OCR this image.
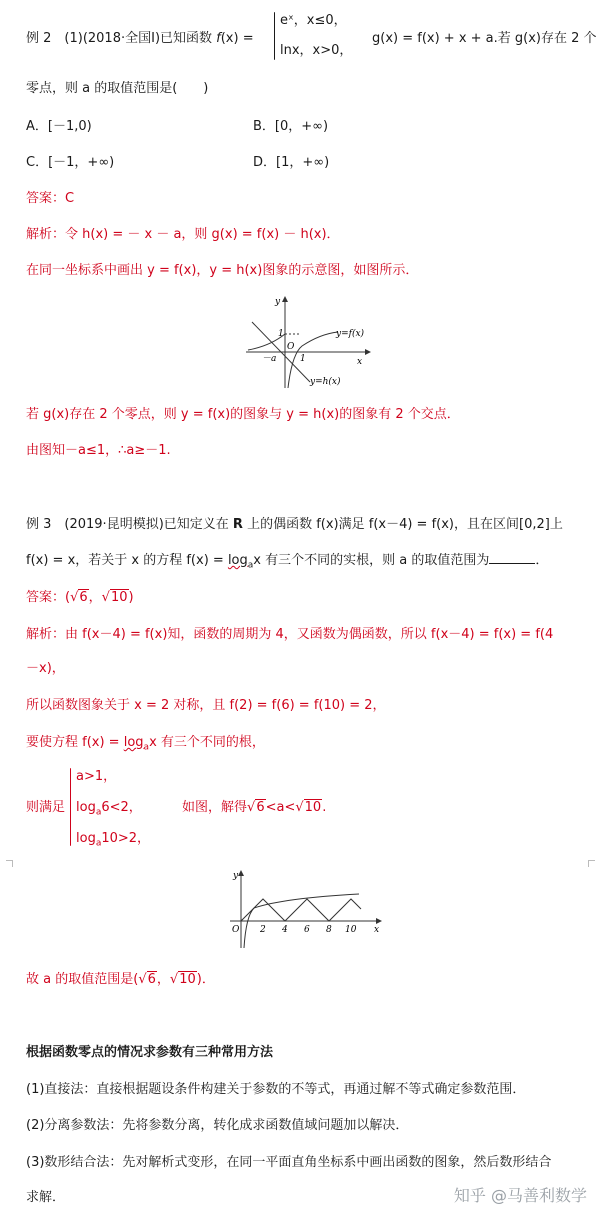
例 2　(1)(2018·全国Ⅰ)已知函数 f(x) =
eˣ，x≤0，
lnx，x>0，
g(x) = f(x) + x + a.若 g(x)存在 2 个
零点，则 a 的取值范围是(　　)
A．[－1,0)	B．[0，+∞)
C．[－1，+∞)	D．[1，+∞)
答案：C
解析：令 h(x) = － x － a，则 g(x) = f(x) － h(x)．
在同一坐标系中画出 y = f(x)，y = h(x)图象的示意图，如图所示．
y
x
O
－a	1
1	y=f(x)
y=h(x)
若 g(x)存在 2 个零点，则 y = f(x)的图象与 y = h(x)的图象有 2 个交点．
由图知－a≤1，∴a≥－1.
例 3　(2019·昆明模拟)已知定义在 R 上的偶函数 f(x)满足 f(x－4) = f(x)，且在区间[0,2]上
f(x) = x，若关于 x 的方程 $f(x) = \log_ax$ 有三个不同的实根，则 a 的取值范围为	．
答案：(√6，√10)
解析：由 f(x－4) = f(x)知，函数的周期为 4，又函数为偶函数，所以 f(x－4) = f(x) = f(4
－x)，
所以函数图象关于 x = 2 对称，且 f(2) = f(6) = f(10) = 2，
要使方程 $f(x) = \log_ax$ 有三个不同的根，
则满足
a>1，
$\log_a6<2$，
$\log_a10>2$，
如图，解得√6<a<√10.
y
x
O 2 4 6 8 10
故 a 的取值范围是(√6，√10)．
根据函数零点的情况求参数有三种常用方法
(1)直接法：直接根据题设条件构建关于参数的不等式，再通过解不等式确定参数范围．
(2)分离参数法：先将参数分离，转化成求函数值域问题加以解决．
(3)数形结合法：先对解析式变形，在同一平面直角坐标系中画出函数的图象，然后数形结合
求解．	知乎 @马善利数学
